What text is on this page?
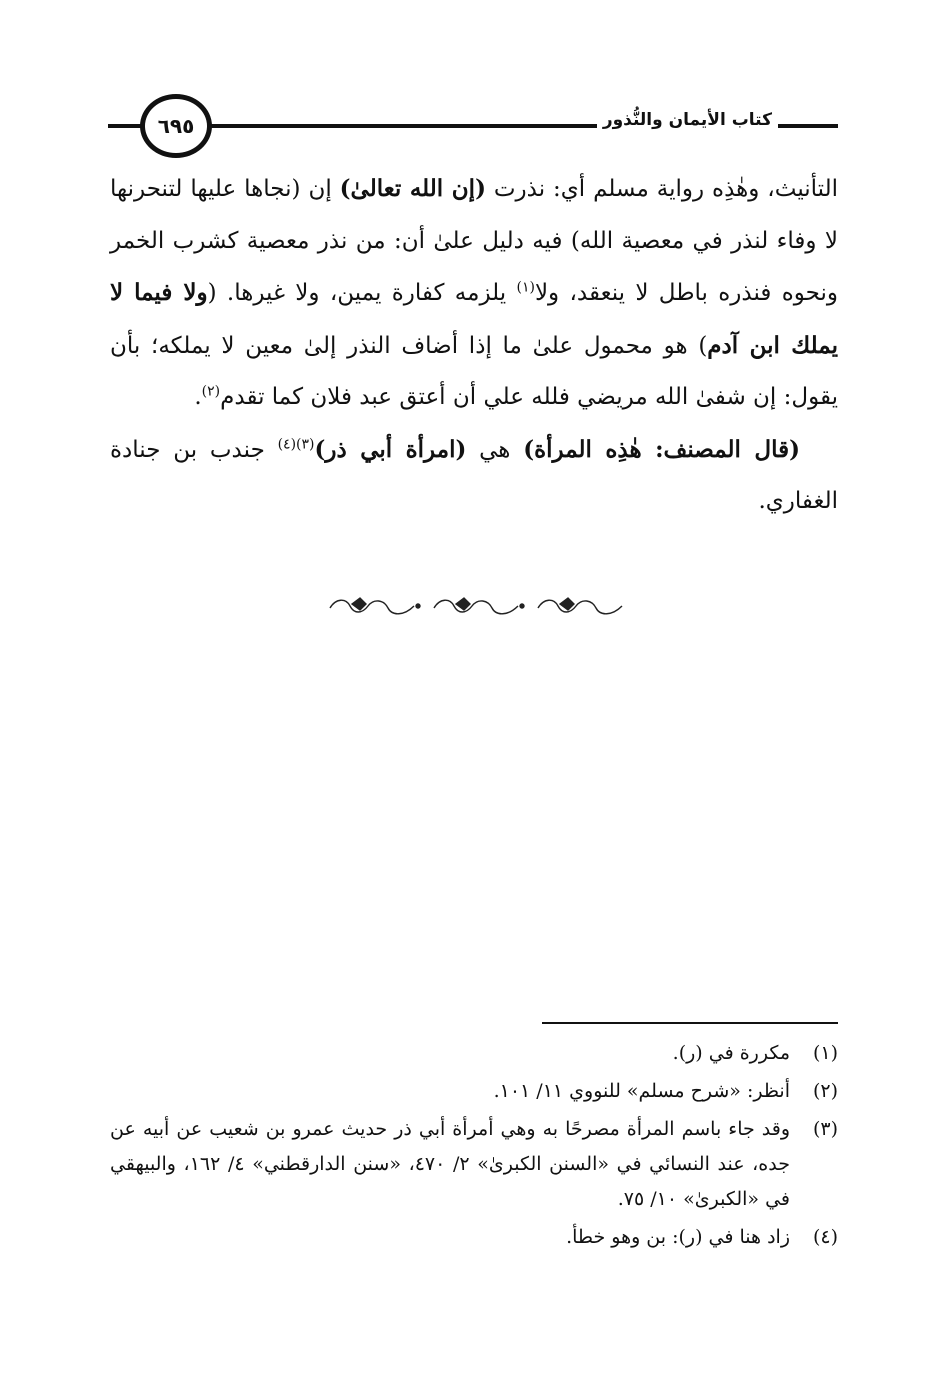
كتاب الأيمان والنُّذور
٦٩٥

التأنيث، وهٰذِه رواية مسلم أي: نذرت (إن الله تعالىٰ) إن (نجاها عليها لتنحرنها لا وفاء لنذر في معصية الله) فيه دليل علىٰ أن: من نذر معصية كشرب الخمر ونحوه فنذره باطل لا ينعقد، ولا$^{(١)}$ يلزمه كفارة يمين، ولا غيرها. (ولا فيما لا يملك ابن آدم) هو محمول علىٰ ما إذا أضاف النذر إلىٰ معين لا يملكه؛ بأن يقول: إن شفىٰ الله مريضي فلله علي أن أعتق عبد فلان كما تقدم$^{(٢)}$.

(قال المصنف: هٰذِه المرأة) هي (امرأة أبي ذر)$^{(٣)(٤)}$ جندب بن جنادة الغفاري.

(١)
مكررة في (ر).
(٢)
أنظر: «شرح مسلم» للنووي ١١/ ١٠١.
(٣)
وقد جاء باسم المرأة مصرحًا به وهي أمرأة أبي ذر حديث عمرو بن شعيب عن أبيه عن جده، عند النسائي في «السنن الكبرىٰ» ٢/ ٤٧٠، «سنن الدارقطني» ٤/ ١٦٢، والبيهقي في «الكبرىٰ» ١٠/ ٧٥.
(٤)
زاد هنا في (ر): بن وهو خطأ.
